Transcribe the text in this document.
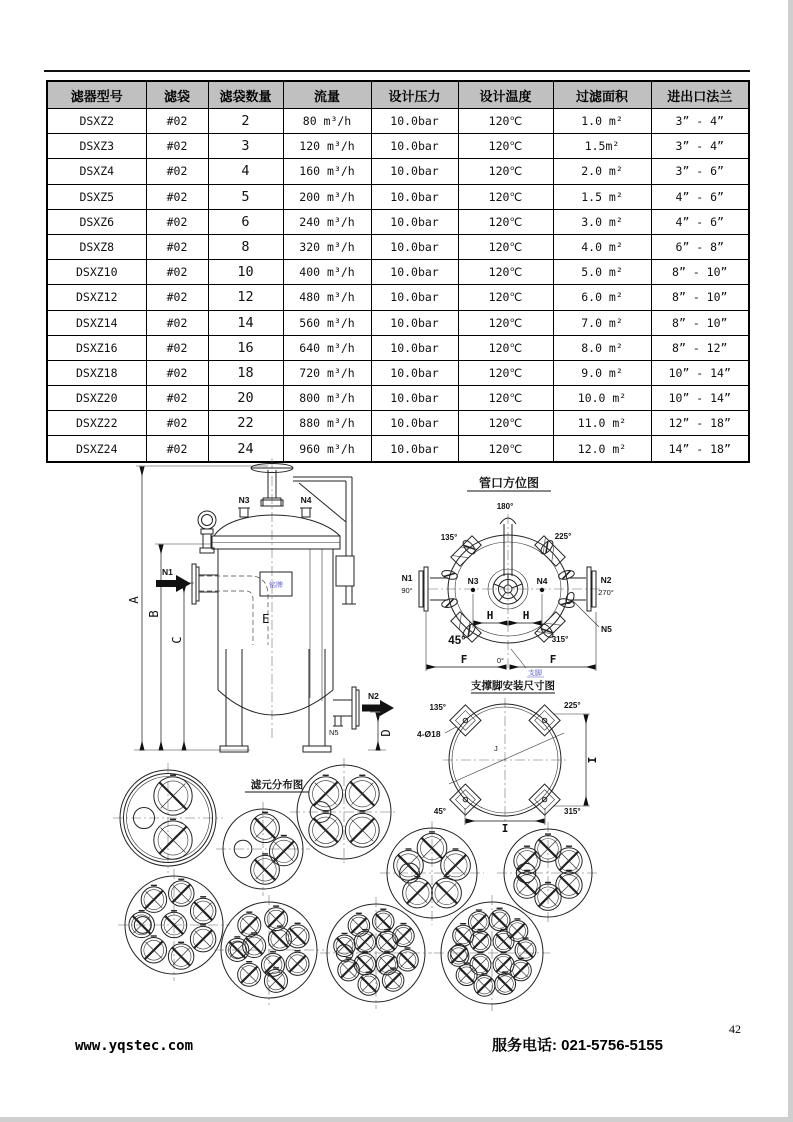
滤器型号	滤袋	滤袋数量	流量	设计压力	设计温度	过滤面积	进出口法兰
DSXZ2	#02	2	80 m³/h	10.0bar	120℃	1.0 m²	3” - 4”
DSXZ3	#02	3	120 m³/h	10.0bar	120℃	1.5m²	3” - 4”
DSXZ4	#02	4	160 m³/h	10.0bar	120℃	2.0 m²	3” - 6”
DSXZ5	#02	5	200 m³/h	10.0bar	120℃	1.5 m²	4” - 6”
DSXZ6	#02	6	240 m³/h	10.0bar	120℃	3.0 m²	4” - 6”
DSXZ8	#02	8	320 m³/h	10.0bar	120℃	4.0 m²	6” - 8”
DSXZ10	#02	10	400 m³/h	10.0bar	120℃	5.0 m²	8” - 10”
DSXZ12	#02	12	480 m³/h	10.0bar	120℃	6.0 m²	8” - 10”
DSXZ14	#02	14	560 m³/h	10.0bar	120℃	7.0 m²	8” - 10”
DSXZ16	#02	16	640 m³/h	10.0bar	120℃	8.0 m²	8” - 12”
DSXZ18	#02	18	720 m³/h	10.0bar	120℃	9.0 m²	10” - 14”
DSXZ20	#02	20	800 m³/h	10.0bar	120℃	10.0 m²	10” - 14”
DSXZ22	#02	22	880 m³/h	10.0bar	120℃	11.0 m²	12” - 18”
DSXZ24	#02	24	960 m³/h	10.0bar	120℃	12.0 m²	14” - 18”
A
B
C
N3	N4
N1
铭牌
E
N2
N5	D
管口方位图
180°
135°	225°
45°	315°
0°
N1
90°
N2
270°
N3	N4
H	H
F	F
N5
支脚
支撑脚安装尺寸图
135°	225°
45°	315°
4-Ø18
J
I
I
滤元分布图
www.yqstec.com	服务电话: 021-5756-5155
42
